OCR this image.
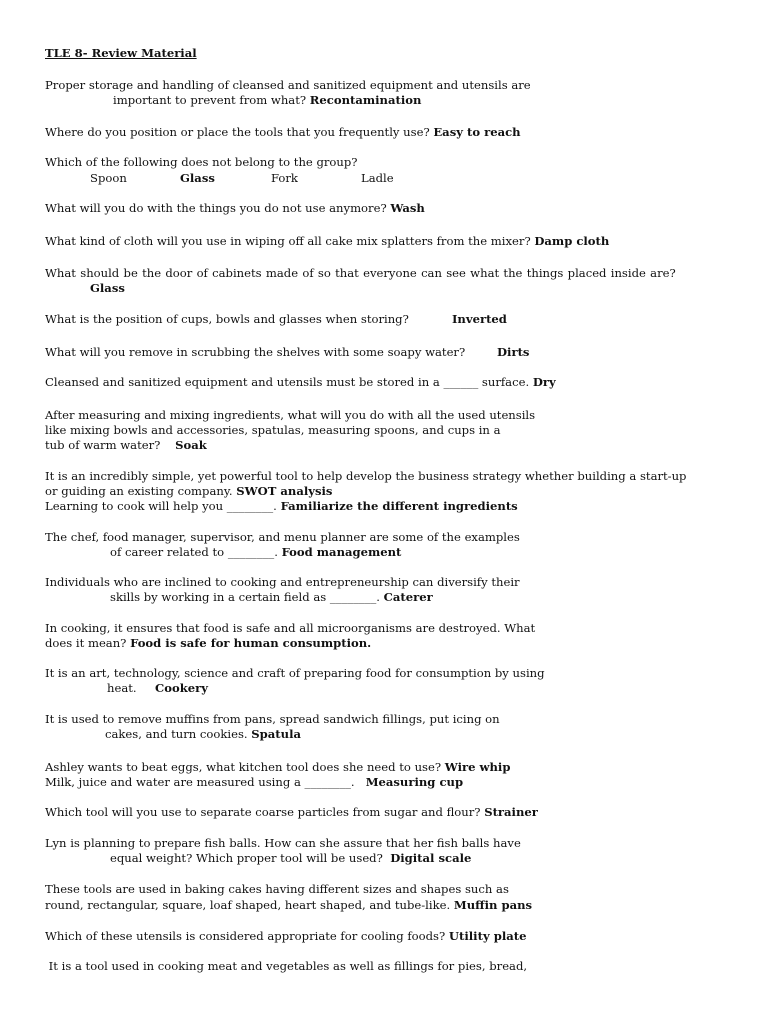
TLE 8- Review Material
Proper storage and handling of cleansed and sanitized equipment and utensils are
important to prevent from what? Recontamination
Where do you position or place the tools that you frequently use? Easy to reach
Which of the following does not belong to the group?
Spoon	Glass	Fork	Ladle
What will you do with the things you do not use anymore? Wash
What kind of cloth will you use in wiping off all cake mix splatters from the mixer? Damp cloth
What should be the door of cabinets made of so that everyone can see what the things placed inside are?
Glass
What is the position of cups, bowls and glasses when storing?	Inverted
What will you remove in scrubbing the shelves with some soapy water?	Dirts
Cleansed and sanitized equipment and utensils must be stored in a ______ surface. Dry
After measuring and mixing ingredients, what will you do with all the used utensils
like mixing bowls and accessories, spatulas, measuring spoons, and cups in a
tub of warm water? Soak
It is an incredibly simple, yet powerful tool to help develop the business strategy whether building a start-up
or guiding an existing company. SWOT analysis
Learning to cook will help you ________. Familiarize the different ingredients
The chef, food manager, supervisor, and menu planner are some of the examples
of career related to ________. Food management
Individuals who are inclined to cooking and entrepreneurship can diversify their
skills by working in a certain field as ________. Caterer
In cooking, it ensures that food is safe and all microorganisms are destroyed. What
does it mean? Food is safe for human consumption.
It is an art, technology, science and craft of preparing food for consumption by using
heat. Cookery
It is used to remove muffins from pans, spread sandwich fillings, put icing on
cakes, and turn cookies. Spatula
Ashley wants to beat eggs, what kitchen tool does she need to use? Wire whip
Milk, juice and water are measured using a ________. Measuring cup
Which tool will you use to separate coarse particles from sugar and flour? Strainer
Lyn is planning to prepare fish balls. How can she assure that her fish balls have
equal weight? Which proper tool will be used? Digital scale
These tools are used in baking cakes having different sizes and shapes such as
round, rectangular, square, loaf shaped, heart shaped, and tube-like. Muffin pans
Which of these utensils is considered appropriate for cooling foods? Utility plate
It is a tool used in cooking meat and vegetables as well as fillings for pies, bread,
